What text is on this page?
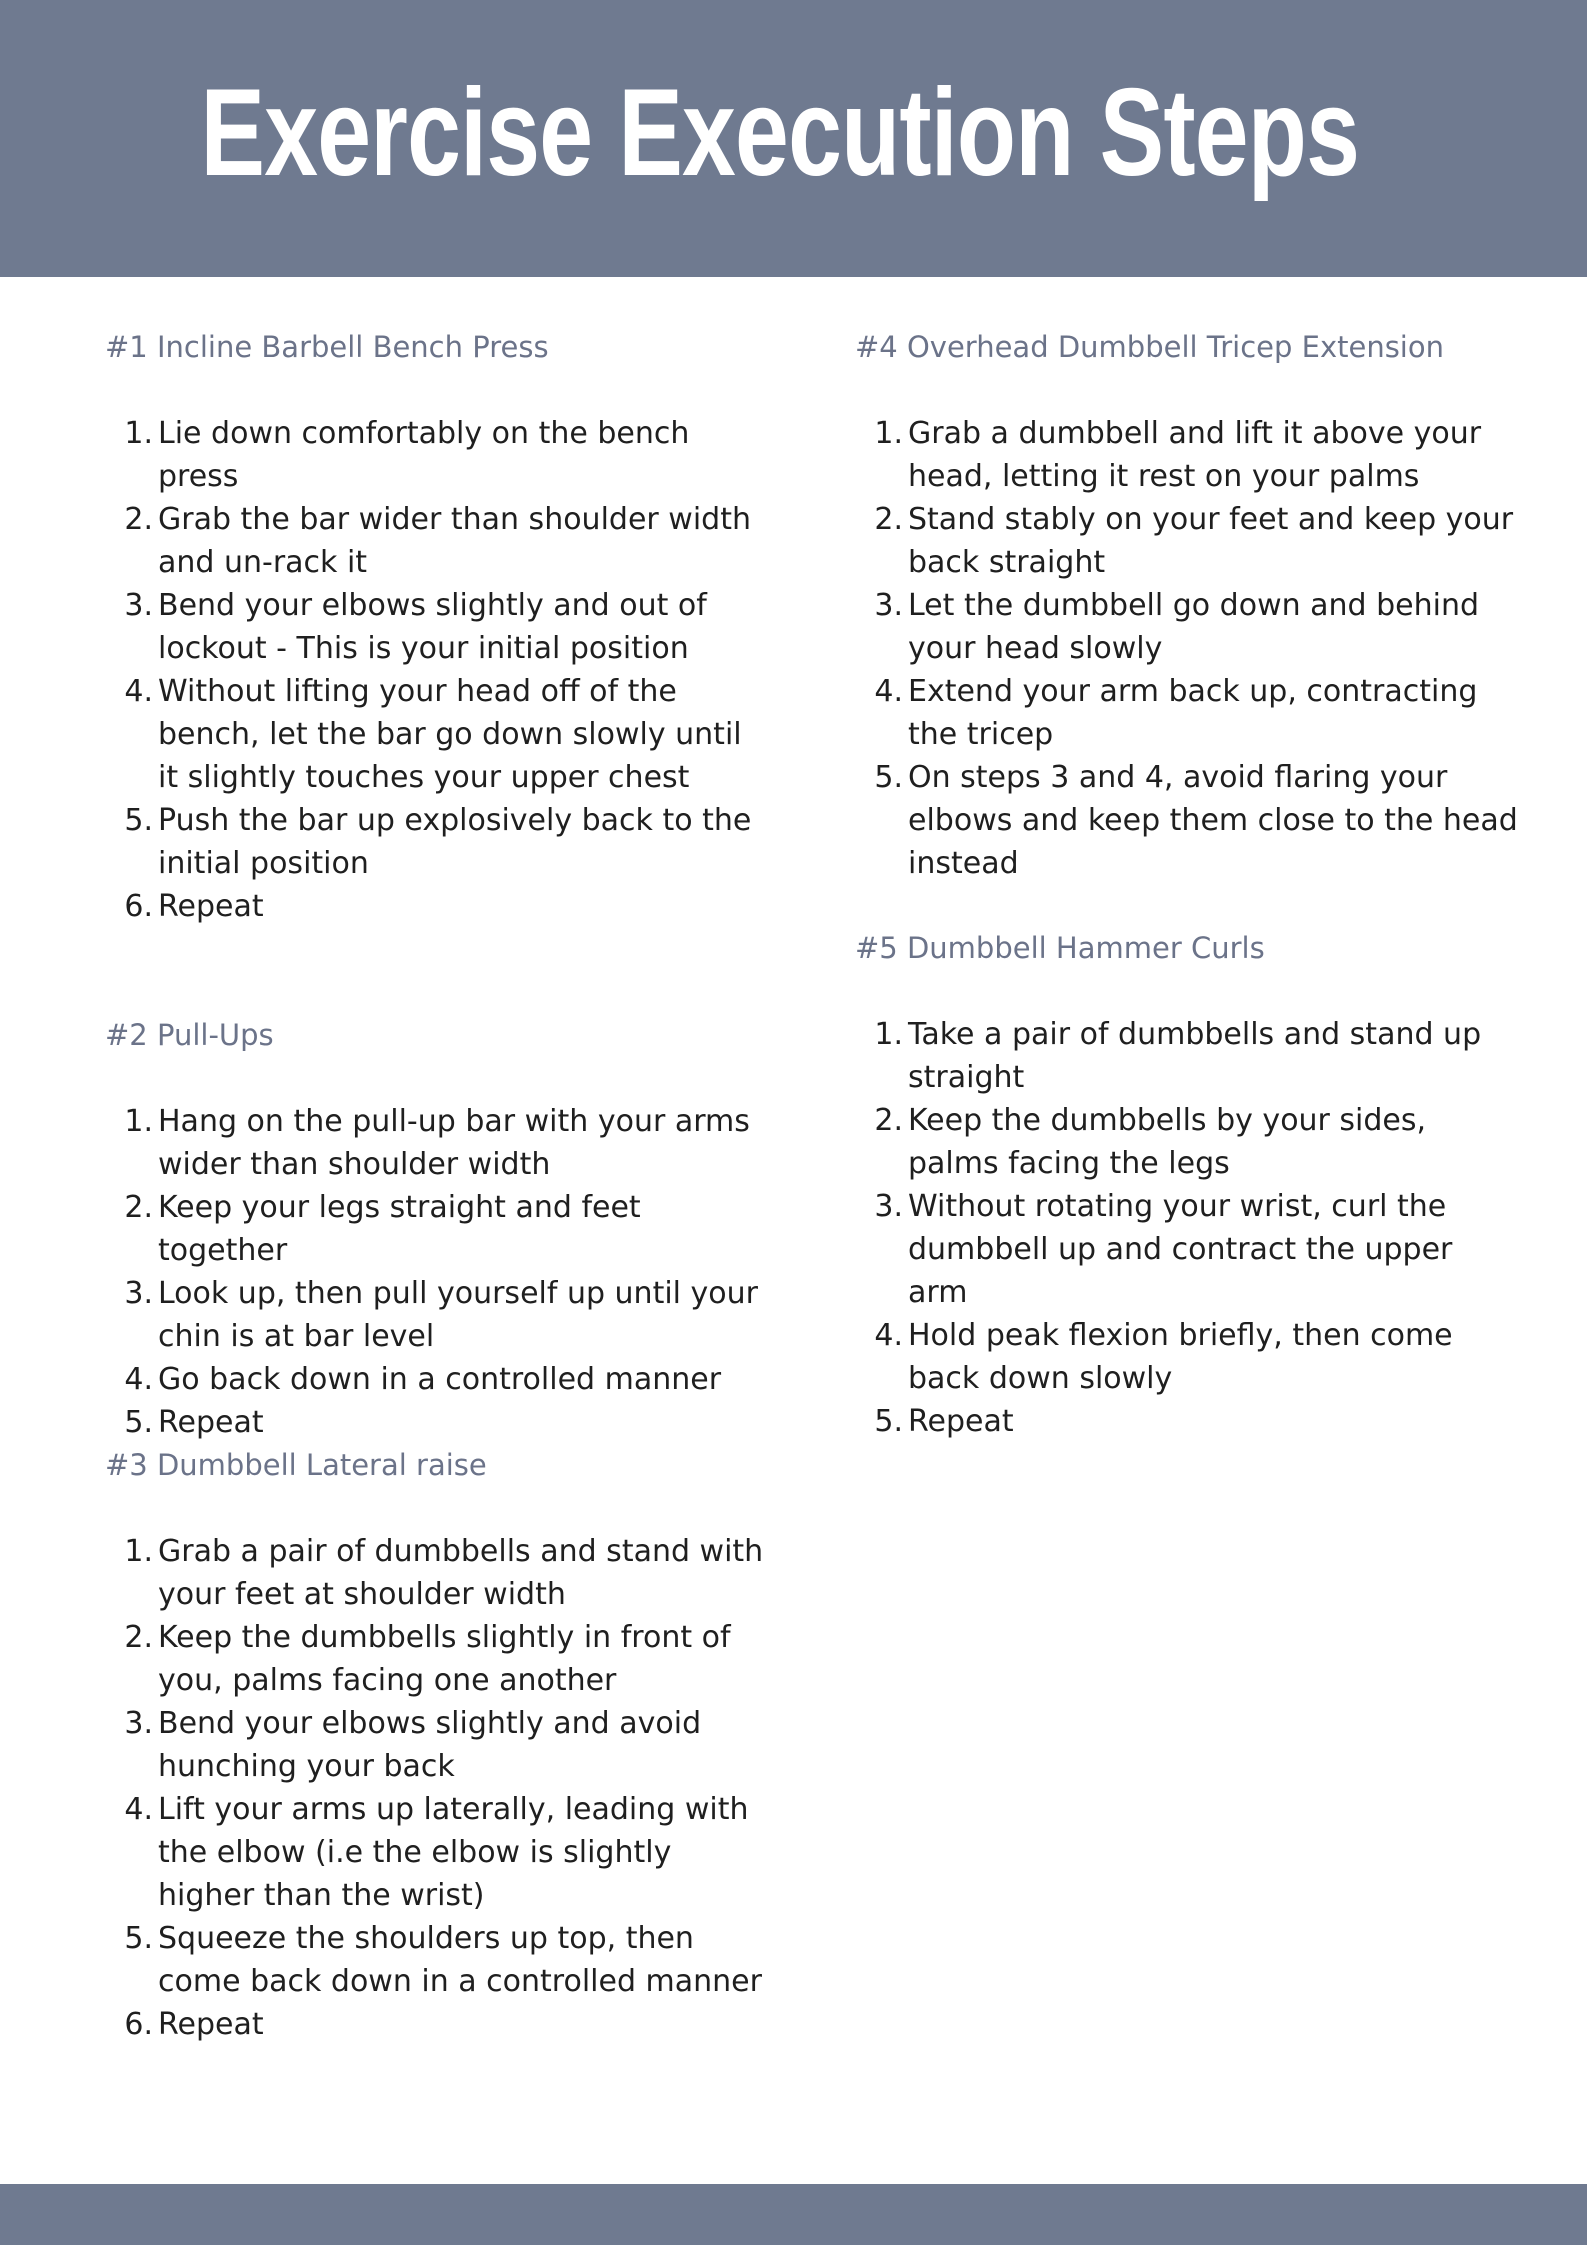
Exercise Execution Steps
#1 Incline Barbell Bench Press
1. Lie down comfortably on the bench press
2. Grab the bar wider than shoulder width and un-rack it
3. Bend your elbows slightly and out of lockout - This is your initial position
4. Without lifting your head off of the bench, let the bar go down slowly until it slightly touches your upper chest
5. Push the bar up explosively back to the initial position
6. Repeat
#2 Pull-Ups
1. Hang on the pull-up bar with your arms wider than shoulder width
2. Keep your legs straight and feet together
3. Look up, then pull yourself up until your chin is at bar level
4. Go back down in a controlled manner
5. Repeat
#3 Dumbbell Lateral raise
1. Grab a pair of dumbbells and stand with your feet at shoulder width
2. Keep the dumbbells slightly in front of you, palms facing one another
3. Bend your elbows slightly and avoid hunching your back
4. Lift your arms up laterally, leading with the elbow (i.e the elbow is slightly higher than the wrist)
5. Squeeze the shoulders up top, then come back down in a controlled manner
6. Repeat
#4 Overhead Dumbbell Tricep Extension
1. Grab a dumbbell and lift it above your head, letting it rest on your palms
2. Stand stably on your feet and keep your back straight
3. Let the dumbbell go down and behind your head slowly
4. Extend your arm back up, contracting the tricep
5. On steps 3 and 4, avoid flaring your elbows and keep them close to the head instead
#5 Dumbbell Hammer Curls
1. Take a pair of dumbbells and stand up straight
2. Keep the dumbbells by your sides, palms facing the legs
3. Without rotating your wrist, curl the dumbbell up and contract the upper arm
4. Hold peak flexion briefly, then come back down slowly
5. Repeat
